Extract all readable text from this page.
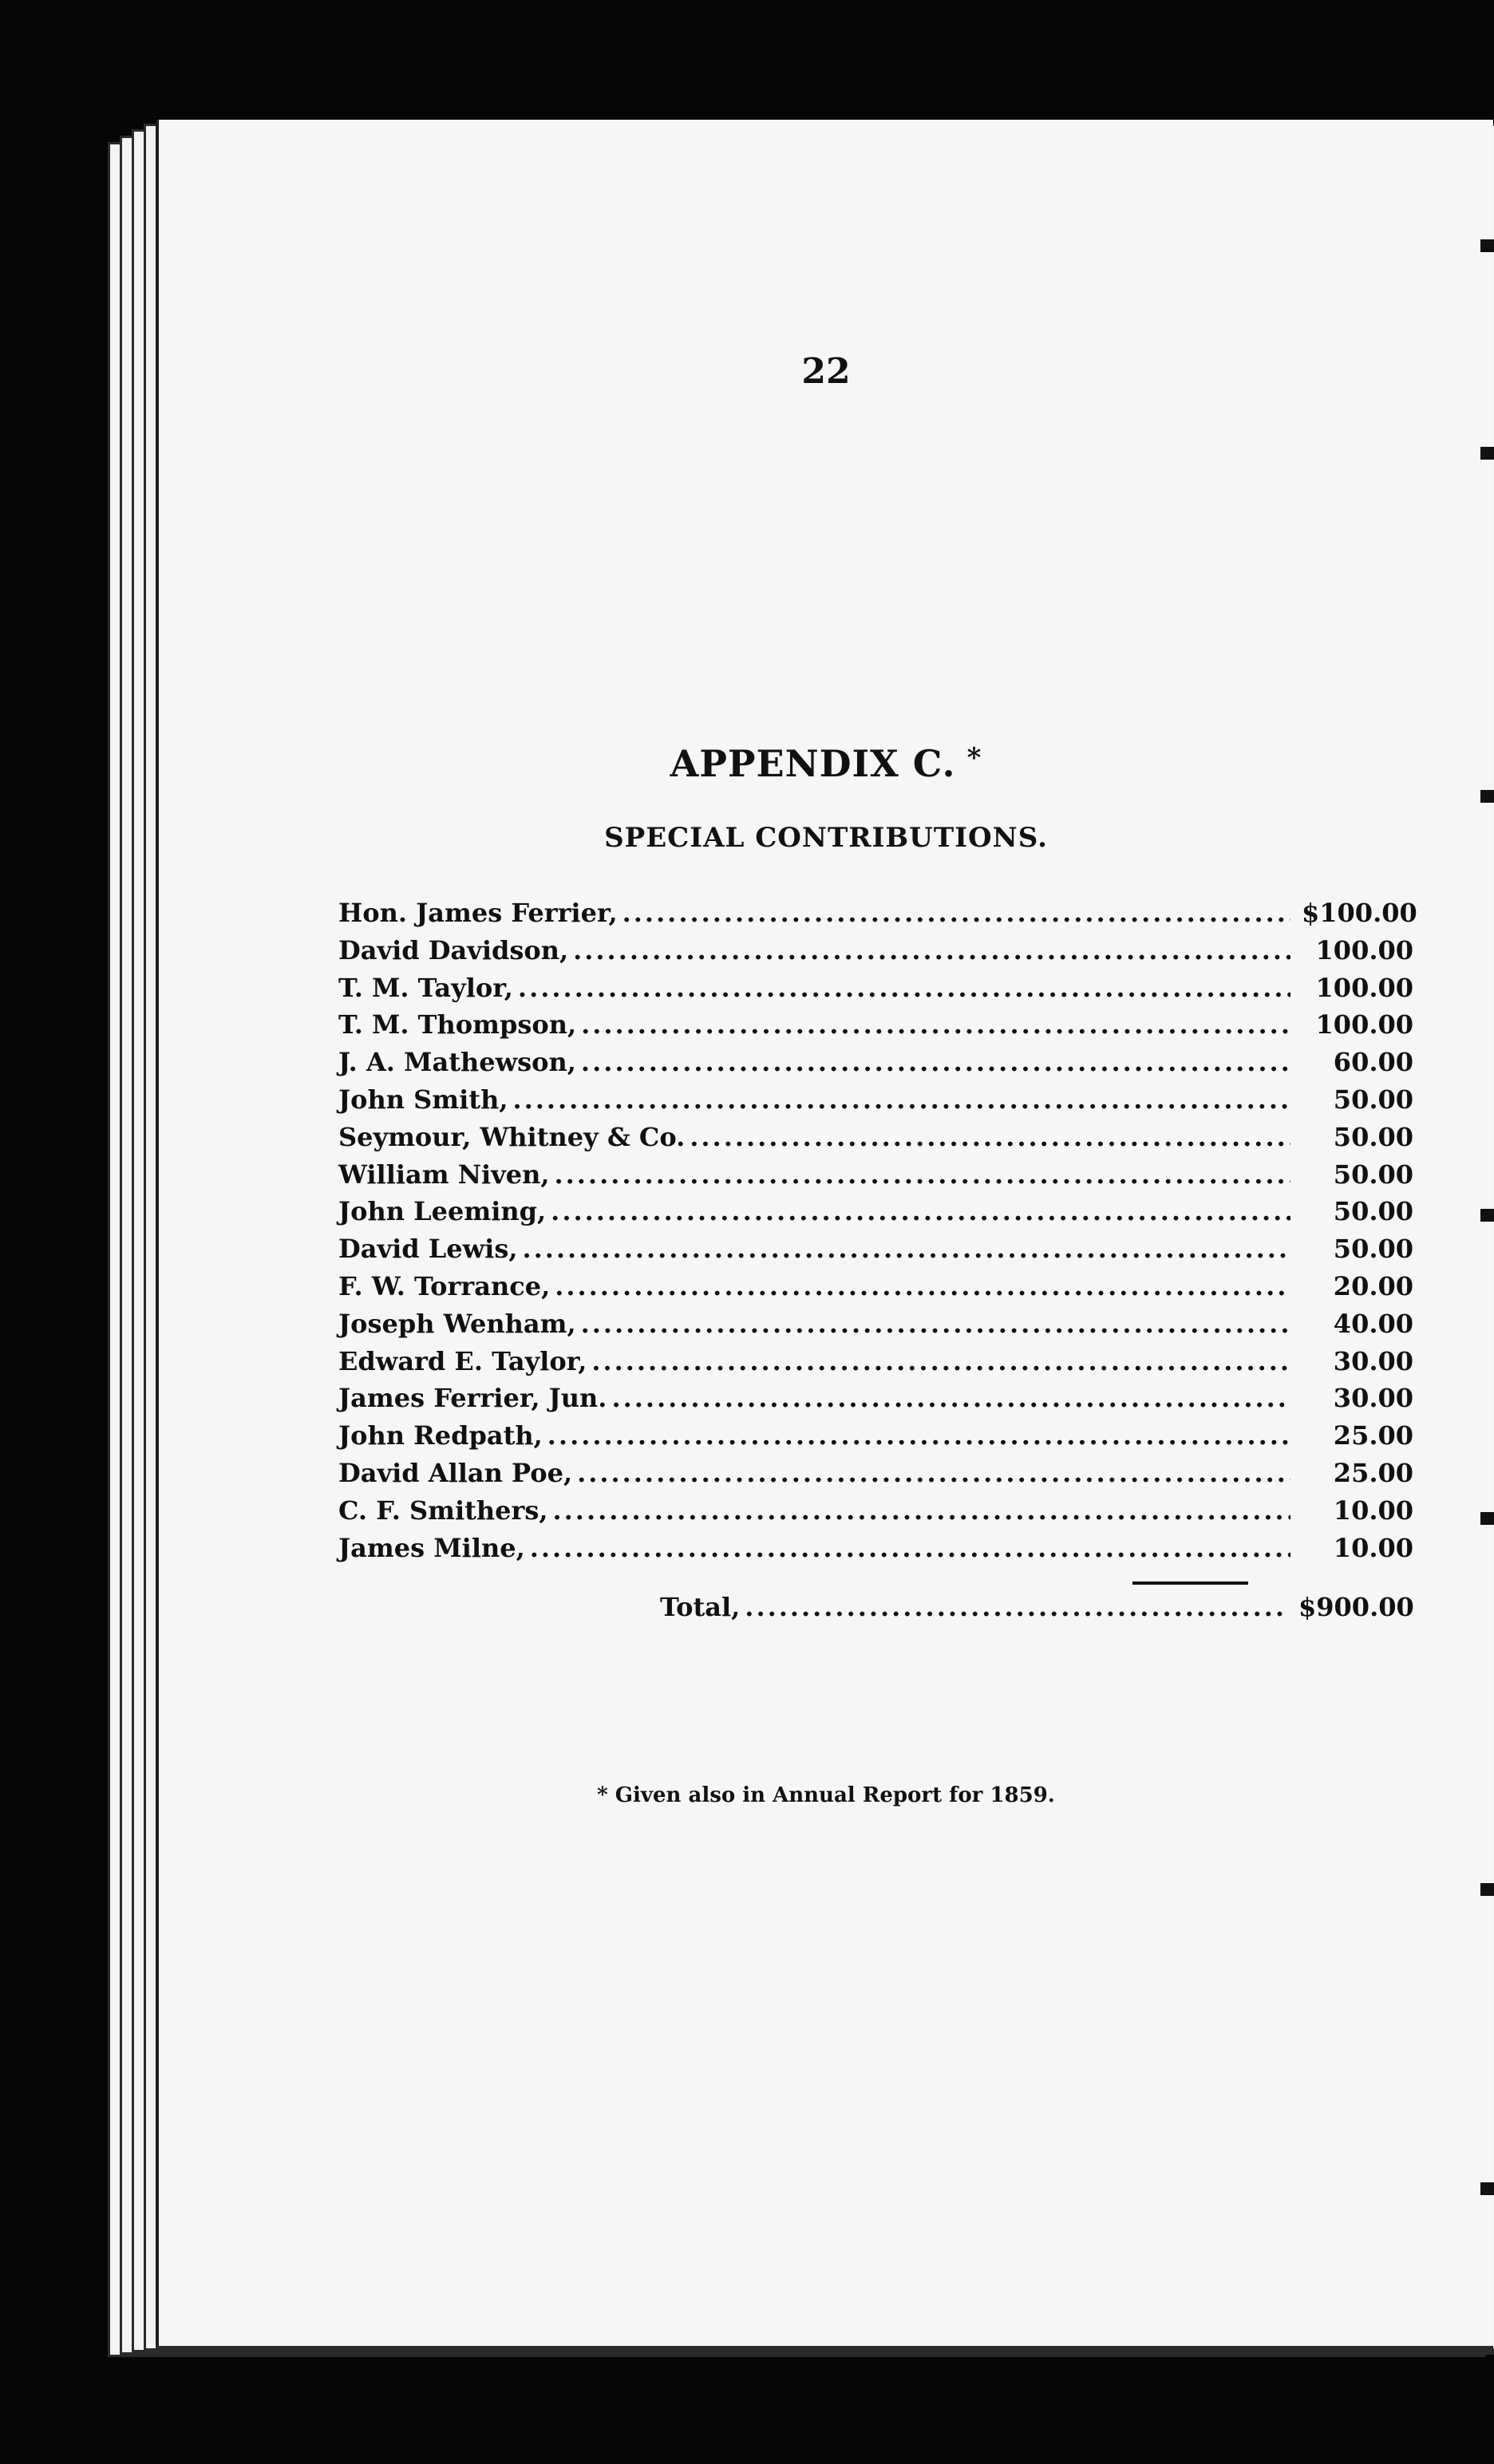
22
APPENDIX C. *
SPECIAL CONTRIBUTIONS.
Hon. James Ferrier, .....	$100.00
David Davidson, .....	100.00
T. M. Taylor, .....	100.00
T. M. Thompson, .....	100.00
J. A. Mathewson, .....	60.00
John Smith, .....	50.00
Seymour, Whitney & Co. .....	50.00
William Niven, .....	50.00
John Leeming, .....	50.00
David Lewis, .....	50.00
F. W. Torrance, .....	20.00
Joseph Wenham, .....	40.00
Edward E. Taylor, .....	30.00
James Ferrier, Jun. .....	30.00
John Redpath, .....	25.00
David Allan Poe, .....	25.00
C. F. Smithers, .....	10.00
James Milne, .....	10.00
Total, .....	$900.00
* Given also in Annual Report for 1859.
